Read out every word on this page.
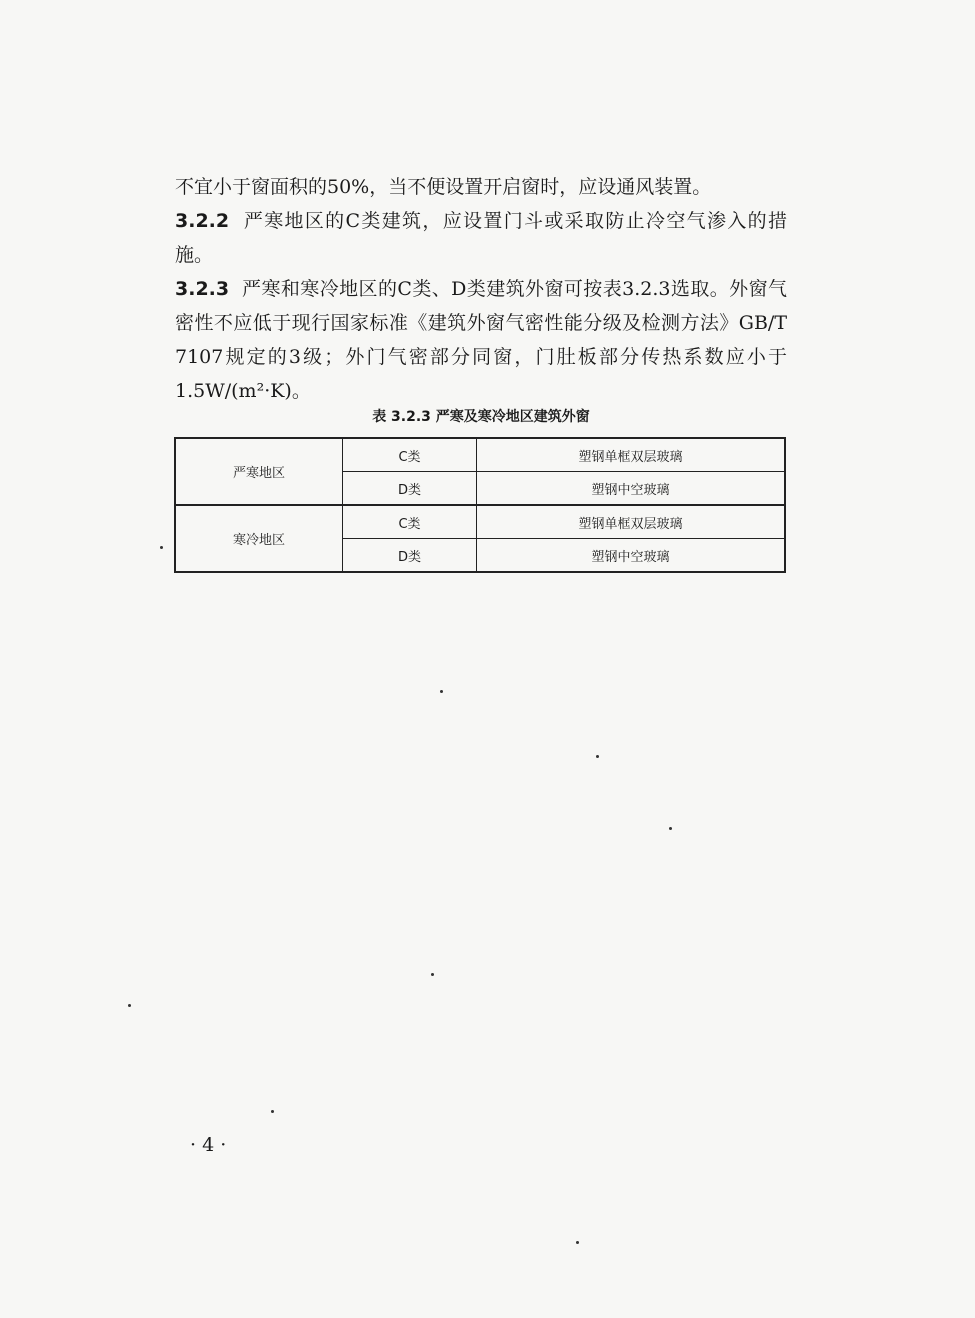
不宜小于窗面积的50%，当不便设置开启窗时，应设通风装置。

3.2.2 严寒地区的C类建筑，应设置门斗或采取防止冷空气渗入的措施。

3.2.3 严寒和寒冷地区的C类、D类建筑外窗可按表3.2.3选取。外窗气密性不应低于现行国家标准《建筑外窗气密性能分级及检测方法》GB/T 7107规定的3级；外门气密部分同窗，门肚板部分传热系数应小于1.5W/(m²·K)。

表 3.2.3 严寒及寒冷地区建筑外窗
严寒地区	C类	塑钢单框双层玻璃
	D类	塑钢中空玻璃
寒冷地区	C类	塑钢单框双层玻璃
	D类	塑钢中空玻璃
· 4 ·
